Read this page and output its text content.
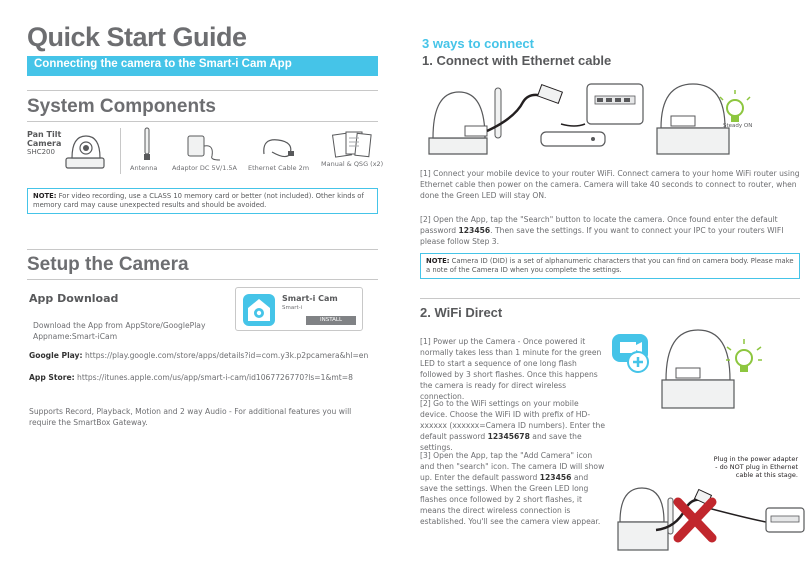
Quick Start Guide
Connecting the camera to the Smart-i Cam App
System Components
Pan Tilt
Camera
SHC200
Antenna Adaptor DC 5V/1.5A Ethernet Cable 2m Manual & QSG (x2)
NOTE: For video recording, use a CLASS 10 memory card or better (not included). Other kinds of memory card may cause unexpected results and should be avoided.
Setup the Camera
App Download	Smart-i Cam
Smart-i
INSTALL
Download the App from AppStore/GooglePlay
Appname:Smart-iCam
Google Play: https://play.google.com/store/apps/details?id=com.y3k.p2pcamera&hl=en
App Store: https://itunes.apple.com/us/app/smart-i-cam/id1067726770?ls=1&mt=8
Supports Record, Playback, Motion and 2 way Audio - For additional features you will
require the SmartBox Gateway.
3 ways to connect
1. Connect with Ethernet cable
Steady ON
[1] Connect your mobile device to your router WiFi. Connect camera to your home WiFi router using Ethernet cable then power on the camera. Camera will take 40 seconds to connect to router, when done the Green LED will stay ON.
[2] Open the App, tap the "Search" button to locate the camera. Once found enter the default password 123456. Then save the settings. If you want to connect your IPC to your routers WIFI please follow Step 3.
NOTE: Camera ID (DID) is a set of alphanumeric characters that you can find on camera body. Please make a note of the Camera ID when you complete the settings.
2. WiFi Direct
[1] Power up the Camera - Once powered it normally takes less than 1 minute for the green LED to start a sequence of one long flash followed by 3 short flashes. Once this happens the camera is ready for direct wireless connection.
[2] Go to the WiFi settings on your mobile device. Choose the WiFi ID with prefix of HD-xxxxxx (xxxxxx=Camera ID numbers). Enter the default password 12345678 and save the settings.
[3] Open the App, tap the "Add Camera" icon and then "search" icon. The camera ID will show up. Enter the default password 123456 and save the settings. When the Green LED long flashes once followed by 2 short flashes, it means the direct wireless connection is established. You'll see the camera view appear.
Plug in the power adapter
- do NOT plug in Ethernet
cable at this stage.
